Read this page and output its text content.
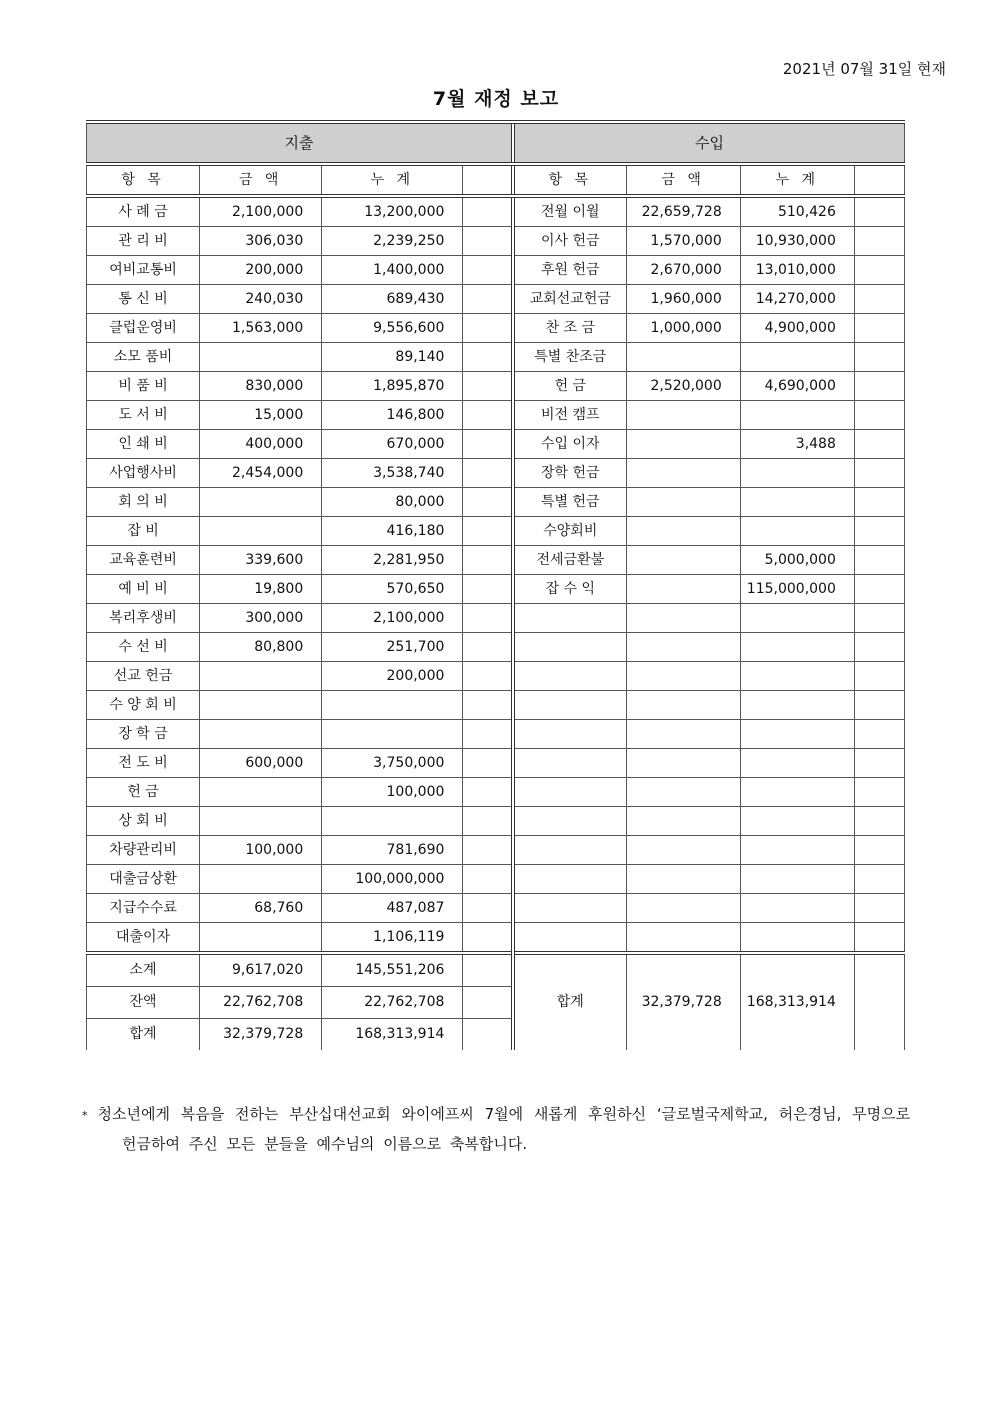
2021년 07월 31일 현재
7월 재정 보고
지출				수입			
항 목	금 액	누 계		항 목	금 액	누 계	
사 례 금	2,100,000	13,200,000		전월 이월	22,659,728	510,426	
관 리 비	306,030	2,239,250		이사 헌금	1,570,000	10,930,000	
여비교통비	200,000	1,400,000		후원 헌금	2,670,000	13,010,000	
통 신 비	240,030	689,430		교회선교헌금	1,960,000	14,270,000	
클럽운영비	1,563,000	9,556,600		찬 조 금	1,000,000	4,900,000	
소모 품비		89,140		특별 찬조금			
비 품 비	830,000	1,895,870		헌 금	2,520,000	4,690,000	
도 서 비	15,000	146,800		비전 캠프			
인 쇄 비	400,000	670,000		수입 이자		3,488	
사업행사비	2,454,000	3,538,740		장학 헌금			
회 의 비		80,000		특별 헌금			
잡 비		416,180		수양회비			
교육훈련비	339,600	2,281,950		전세금환불		5,000,000	
예 비 비	19,800	570,650		잡 수 익		115,000,000	
복리후생비	300,000	2,100,000					
수 선 비	80,800	251,700					
선교 헌금		200,000					
수 양 회 비							
장 학 금							
전 도 비	600,000	3,750,000					
헌 금		100,000					
상 회 비							
차량관리비	100,000	781,690					
대출금상환		100,000,000					
지급수수료	68,760	487,087					
대출이자		1,106,119					
소계	9,617,020	145,551,206		합계	32,379,728	168,313,914	
잔액	22,762,708	22,762,708					
합계	32,379,728	168,313,914					
* 청소년에게 복음을 전하는 부산십대선교회 와이에프씨 7월에 새롭게 후원하신 ‘글로벌국제학교, 허은경님, 무명으로
헌금하여 주신 모든 분들을 예수님의 이름으로 축복합니다.
